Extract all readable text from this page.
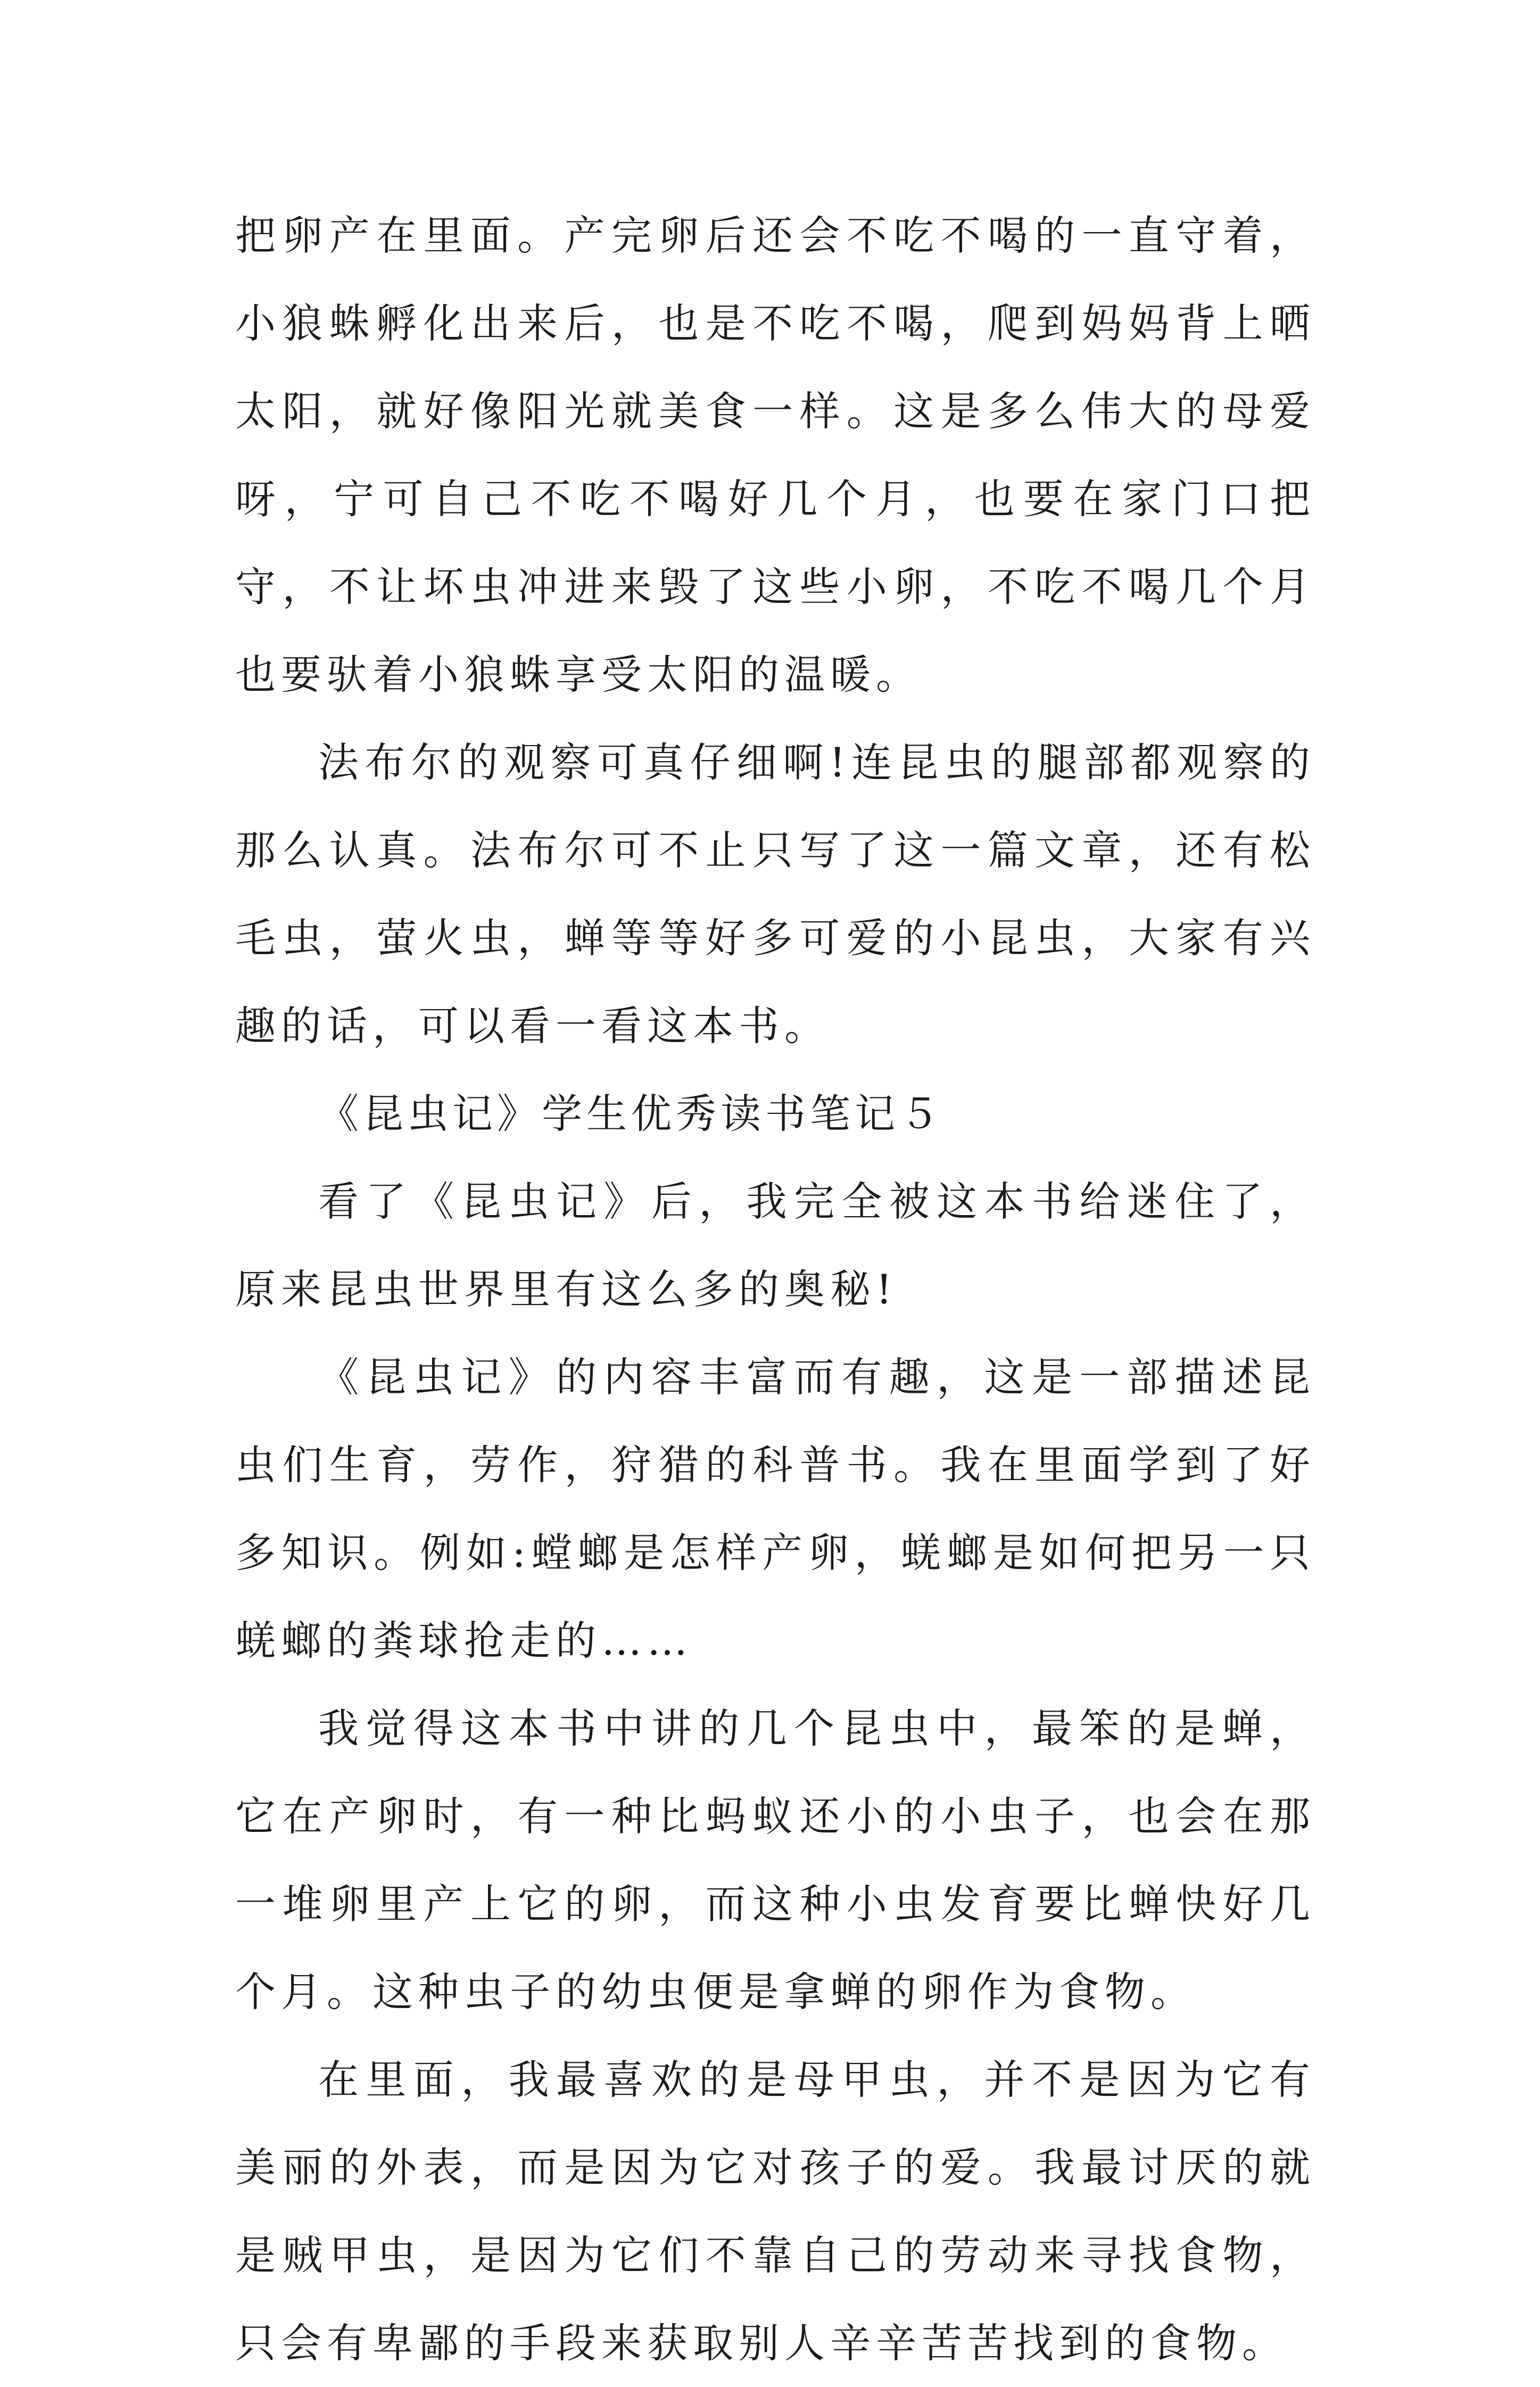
把卵产在里面。产完卵后还会不吃不喝的一直守着，小狼蛛孵化出来后，也是不吃不喝，爬到妈妈背上晒太阳，就好像阳光就美食一样。这是多么伟大的母爱呀，宁可自己不吃不喝好几个月，也要在家门口把守，不让坏虫冲进来毁了这些小卵，不吃不喝几个月也要驮着小狼蛛享受太阳的温暖。

法布尔的观察可真仔细啊!连昆虫的腿部都观察的那么认真。法布尔可不止只写了这一篇文章，还有松毛虫，萤火虫，蝉等等好多可爱的小昆虫，大家有兴趣的话，可以看一看这本书。

《昆虫记》学生优秀读书笔记５

看了《昆虫记》后，我完全被这本书给迷住了，原来昆虫世界里有这么多的奥秘!

《昆虫记》的内容丰富而有趣，这是一部描述昆虫们生育，劳作，狩猎的科普书。我在里面学到了好多知识。例如:螳螂是怎样产卵，蜣螂是如何把另一只蜣螂的粪球抢走的……

我觉得这本书中讲的几个昆虫中，最笨的是蝉，它在产卵时，有一种比蚂蚁还小的小虫子，也会在那一堆卵里产上它的卵，而这种小虫发育要比蝉快好几个月。这种虫子的幼虫便是拿蝉的卵作为食物。

在里面，我最喜欢的是母甲虫，并不是因为它有美丽的外表，而是因为它对孩子的爱。我最讨厌的就是贼甲虫，是因为它们不靠自己的劳动来寻找食物，只会有卑鄙的手段来获取别人辛辛苦苦找到的食物。
